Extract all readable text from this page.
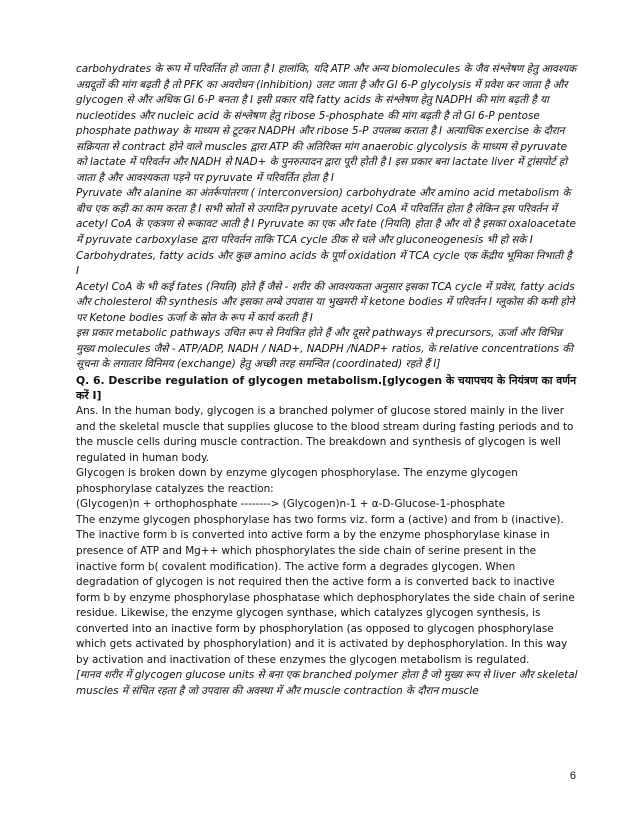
carbohydrates के रूप में परिवर्तित हो जाता है I हालांकि, यदि ATP और अन्य biomolecules के जैव संश्लेषण हेतु आवश्यक अग्रदूतों की मांग बढ़ती है तो PFK का अवरोधन (inhibition) उलट जाता है और Gl 6-P glycolysis में प्रवेश कर जाता है और glycogen से और अधिक Gl 6-P बनता है I इसी प्रकार यदि fatty acids के संश्लेषण हेतु NADPH की मांग बढ़ती है या nucleotides और nucleic acid के संश्लेषण हेतु ribose 5-phosphate की मांग बढ़ती है तो Gl 6-P pentose phosphate pathway के माध्यम से टूटकर NADPH और ribose 5-P उपलब्ध कराता है I अत्याधिक exercise के दौरान सक्रियता से contract होने वाले muscles द्वारा ATP की अतिरिक्त मांग anaerobic glycolysis के माध्यम से pyruvate को lactate में परिवर्तन और NADH से NAD+ के पुनरुत्पादन द्वारा पूरी होती है I इस प्रकार बना lactate liver में ट्रांसपोर्ट हो जाता है और आवश्यकता पड़ने पर pyruvate में परिवर्तित होता है I

Pyruvate और alanine का अंतर्रूपांतरण ( interconversion) carbohydrate और amino acid metabolism के बीच एक कड़ी का काम करता है I सभी स्रोतों से उत्पादित pyruvate acetyl CoA में परिवर्तित होता है लेकिन इस परिवर्तन में acetyl CoA के एकत्रण से रूकावट आती है I Pyruvate का एक और fate (नियति) होता है और वो है इसका oxaloacetate में pyruvate carboxylase द्वारा परिवर्तन ताकि TCA cycle ठीक से चले और gluconeogenesis भी हो सके I Carbohydrates, fatty acids और कुछ amino acids के पूर्ण oxidation में TCA cycle एक केंद्रीय भूमिका निभाती है I

Acetyl CoA के भी कई fates (नियति) होते हैं जैसे - शरीर की आवश्यकता अनुसार इसका TCA cycle में प्रवेश, fatty acids और cholesterol की synthesis और इसका लम्बे उपवास या भुखमरी में ketone bodies में परिवर्तन I ग्लूकोस की कमी होने पर Ketone bodies ऊर्जा के स्रोत के रूप में कार्य करती हैं I

इस प्रकार metabolic pathways उचित रूप से नियंत्रित होते हैं और दूसरे pathways से precursors, ऊर्जा और विभिन्न मुख्य molecules जैसे - ATP/ADP, NADH / NAD+, NADPH /NADP+ ratios, के relative concentrations की सूचना के लगातार विनिमय (exchange) हेतु अच्छी तरह समन्वित (coordinated) रहते हैं I]

Q. 6. Describe regulation of glycogen metabolism.[glycogen के चयापचय के नियंत्रण का वर्णन करें I]

Ans. In the human body, glycogen is a branched polymer of glucose stored mainly in the liver and the skeletal muscle that supplies glucose to the blood stream during fasting periods and to the muscle cells during muscle contraction. The breakdown and synthesis of glycogen is well regulated in human body.

Glycogen is broken down by enzyme glycogen phosphorylase. The enzyme glycogen phosphorylase catalyzes the reaction:

(Glycogen)n + orthophosphate --------> (Glycogen)n-1 + α-D-Glucose-1-phosphate

The enzyme glycogen phosphorylase has two forms viz. form a (active) and from b (inactive). The inactive form b is converted into active form a by the enzyme phosphorylase kinase in presence of ATP and Mg++ which phosphorylates the side chain of serine present in the inactive form b( covalent modification). The active form a degrades glycogen. When degradation of glycogen is not required then the active form a is converted back to inactive form b by enzyme phosphorylase phosphatase which dephosphorylates the side chain of serine residue. Likewise, the enzyme glycogen synthase, which catalyzes glycogen synthesis, is converted into an inactive form by phosphorylation (as opposed to glycogen phosphorylase which gets activated by phosphorylation) and it is activated by dephosphorylation. In this way by activation and inactivation of these enzymes the glycogen metabolism is regulated.

[मानव शरीर में glycogen glucose units से बना एक branched polymer होता है जो मुख्य रूप से liver और skeletal muscles में संचित रहता है जो उपवास की अवस्था में और muscle contraction के दौरान muscle

6
